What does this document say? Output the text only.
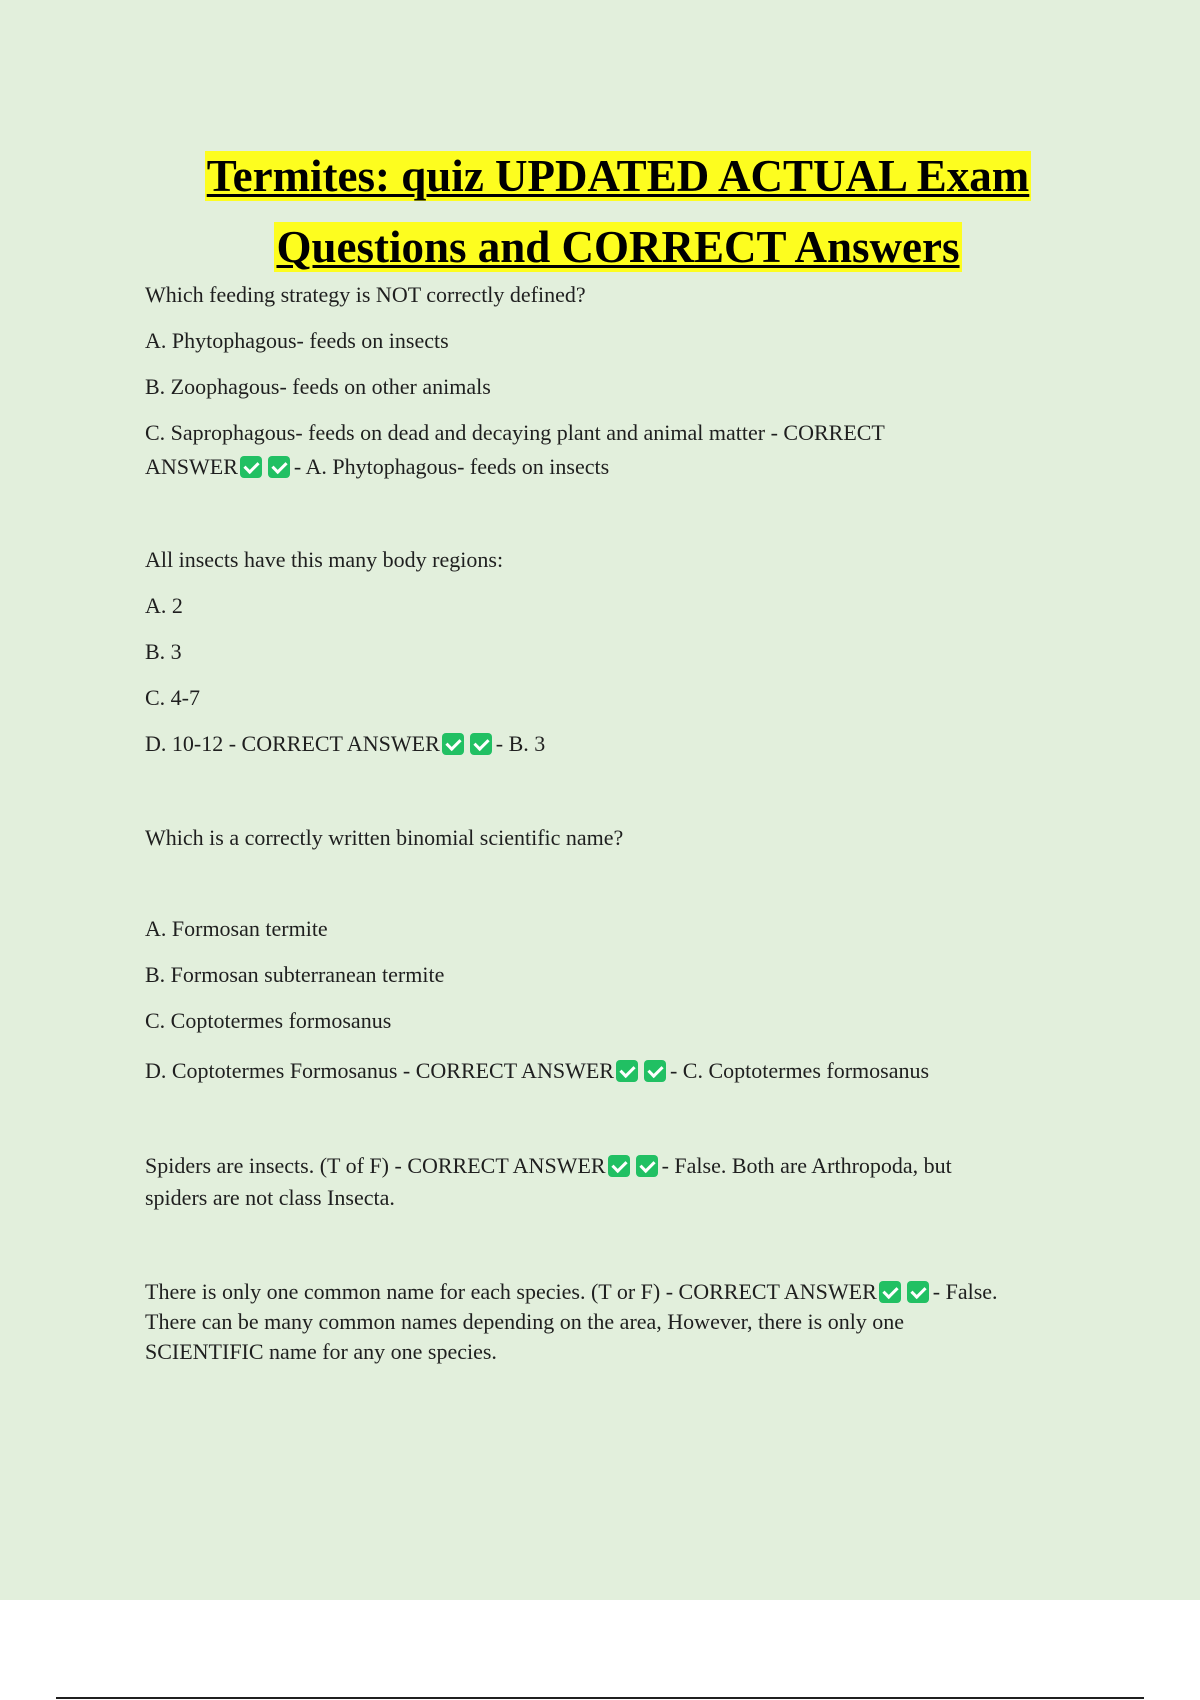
Termites: quiz UPDATED ACTUAL Exam
Questions and CORRECT Answers

Which feeding strategy is NOT correctly defined?

A. Phytophagous- feeds on insects

B. Zoophagous- feeds on other animals

C. Saprophagous- feeds on dead and decaying plant and animal matter - CORRECT
ANSWER	- A. Phytophagous- feeds on insects

All insects have this many body regions:

A. 2

B. 3

C. 4-7

D. 10-12 - CORRECT ANSWER	- B. 3

Which is a correctly written binomial scientific name?

A. Formosan termite

B. Formosan subterranean termite

C. Coptotermes formosanus

D. Coptotermes Formosanus - CORRECT ANSWER	- C. Coptotermes formosanus

Spiders are insects. (T of F) - CORRECT ANSWER	- False. Both are Arthropoda, but
spiders are not class Insecta.

There is only one common name for each species. (T or F) - CORRECT ANSWER	- False.
There can be many common names depending on the area, However, there is only one
SCIENTIFIC name for any one species.
